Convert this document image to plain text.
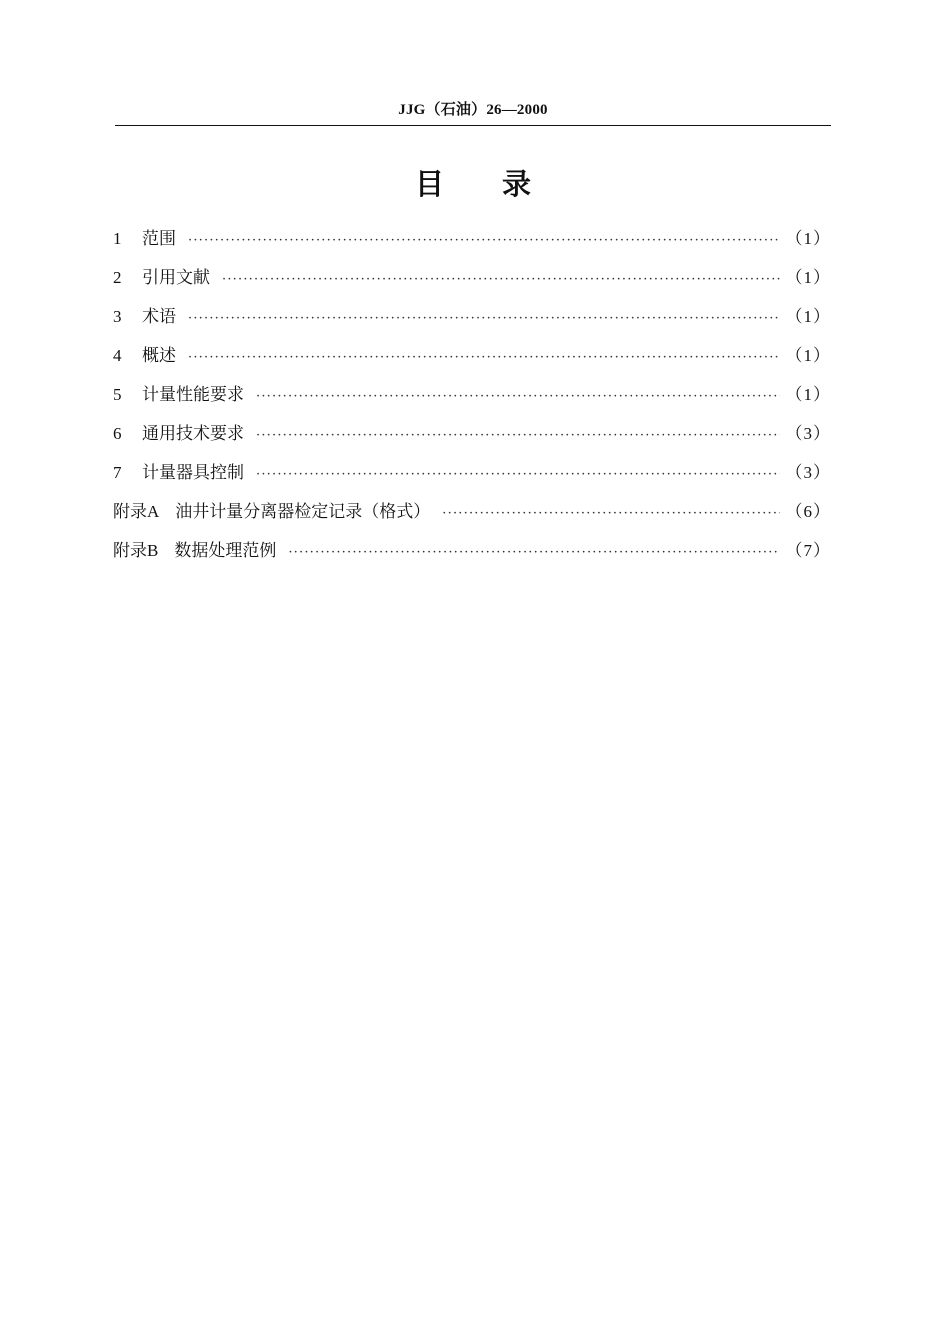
JJG（石油）26—2000
目录
1	范围 ·····	（1）
2	引用文献 ·····	（1）
3	术语 ·····	（1）
4	概述 ·····	（1）
5	计量性能要求 ·····	（1）
6	通用技术要求 ·····	（3）
7	计量器具控制 ·····	（3）
附录A 油井计量分离器检定记录（格式） ·····	（6）
附录B 数据处理范例 ·····	（7）
